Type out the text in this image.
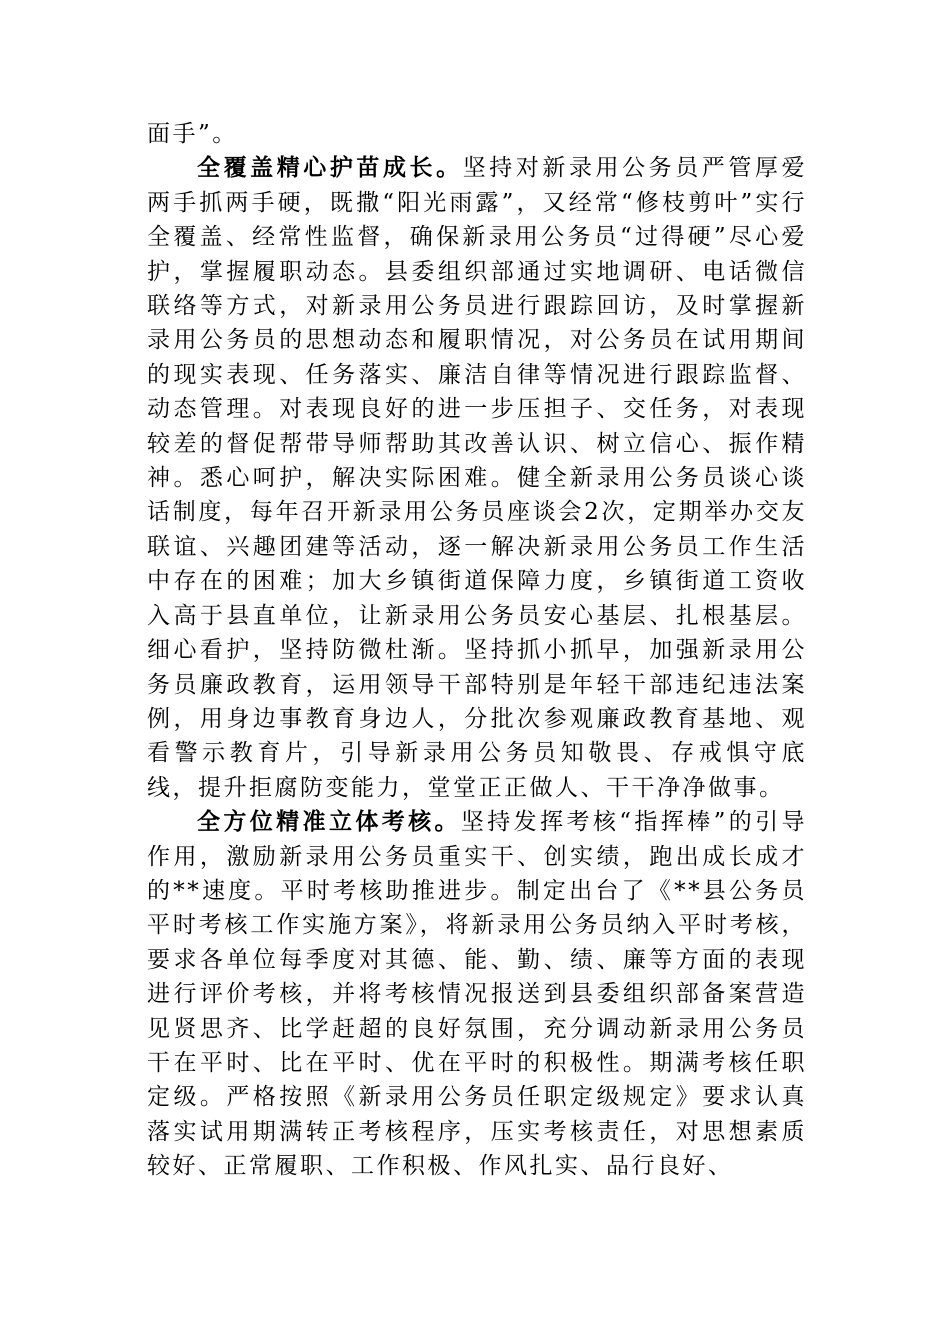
面手”。

全覆盖精心护苗成长。坚持对新录用公务员严管厚爱两手抓两手硬，既撒“阳光雨露”，又经常“修枝剪叶”实行全覆盖、经常性监督，确保新录用公务员“过得硬”尽心爱护，掌握履职动态。县委组织部通过实地调研、电话微信联络等方式，对新录用公务员进行跟踪回访，及时掌握新录用公务员的思想动态和履职情况，对公务员在试用期间的现实表现、任务落实、廉洁自律等情况进行跟踪监督、动态管理。对表现良好的进一步压担子、交任务，对表现较差的督促帮带导师帮助其改善认识、树立信心、振作精神。悉心呵护，解决实际困难。健全新录用公务员谈心谈话制度，每年召开新录用公务员座谈会2次，定期举办交友联谊、兴趣团建等活动，逐一解决新录用公务员工作生活中存在的困难；加大乡镇街道保障力度，乡镇街道工资收入高于县直单位，让新录用公务员安心基层、扎根基层。细心看护，坚持防微杜渐。坚持抓小抓早，加强新录用公务员廉政教育，运用领导干部特别是年轻干部违纪违法案例，用身边事教育身边人，分批次参观廉政教育基地、观看警示教育片，引导新录用公务员知敬畏、存戒惧守底线，提升拒腐防变能力，堂堂正正做人、干干净净做事。

全方位精准立体考核。坚持发挥考核“指挥棒”的引导作用，激励新录用公务员重实干、创实绩，跑出成长成才的**速度。平时考核助推进步。制定出台了《**县公务员平时考核工作实施方案》，将新录用公务员纳入平时考核，要求各单位每季度对其德、能、勤、绩、廉等方面的表现进行评价考核，并将考核情况报送到县委组织部备案营造见贤思齐、比学赶超的良好氛围，充分调动新录用公务员干在平时、比在平时、优在平时的积极性。期满考核任职定级。严格按照《新录用公务员任职定级规定》要求认真落实试用期满转正考核程序，压实考核责任，对思想素质较好、正常履职、工作积极、作风扎实、品行良好、
